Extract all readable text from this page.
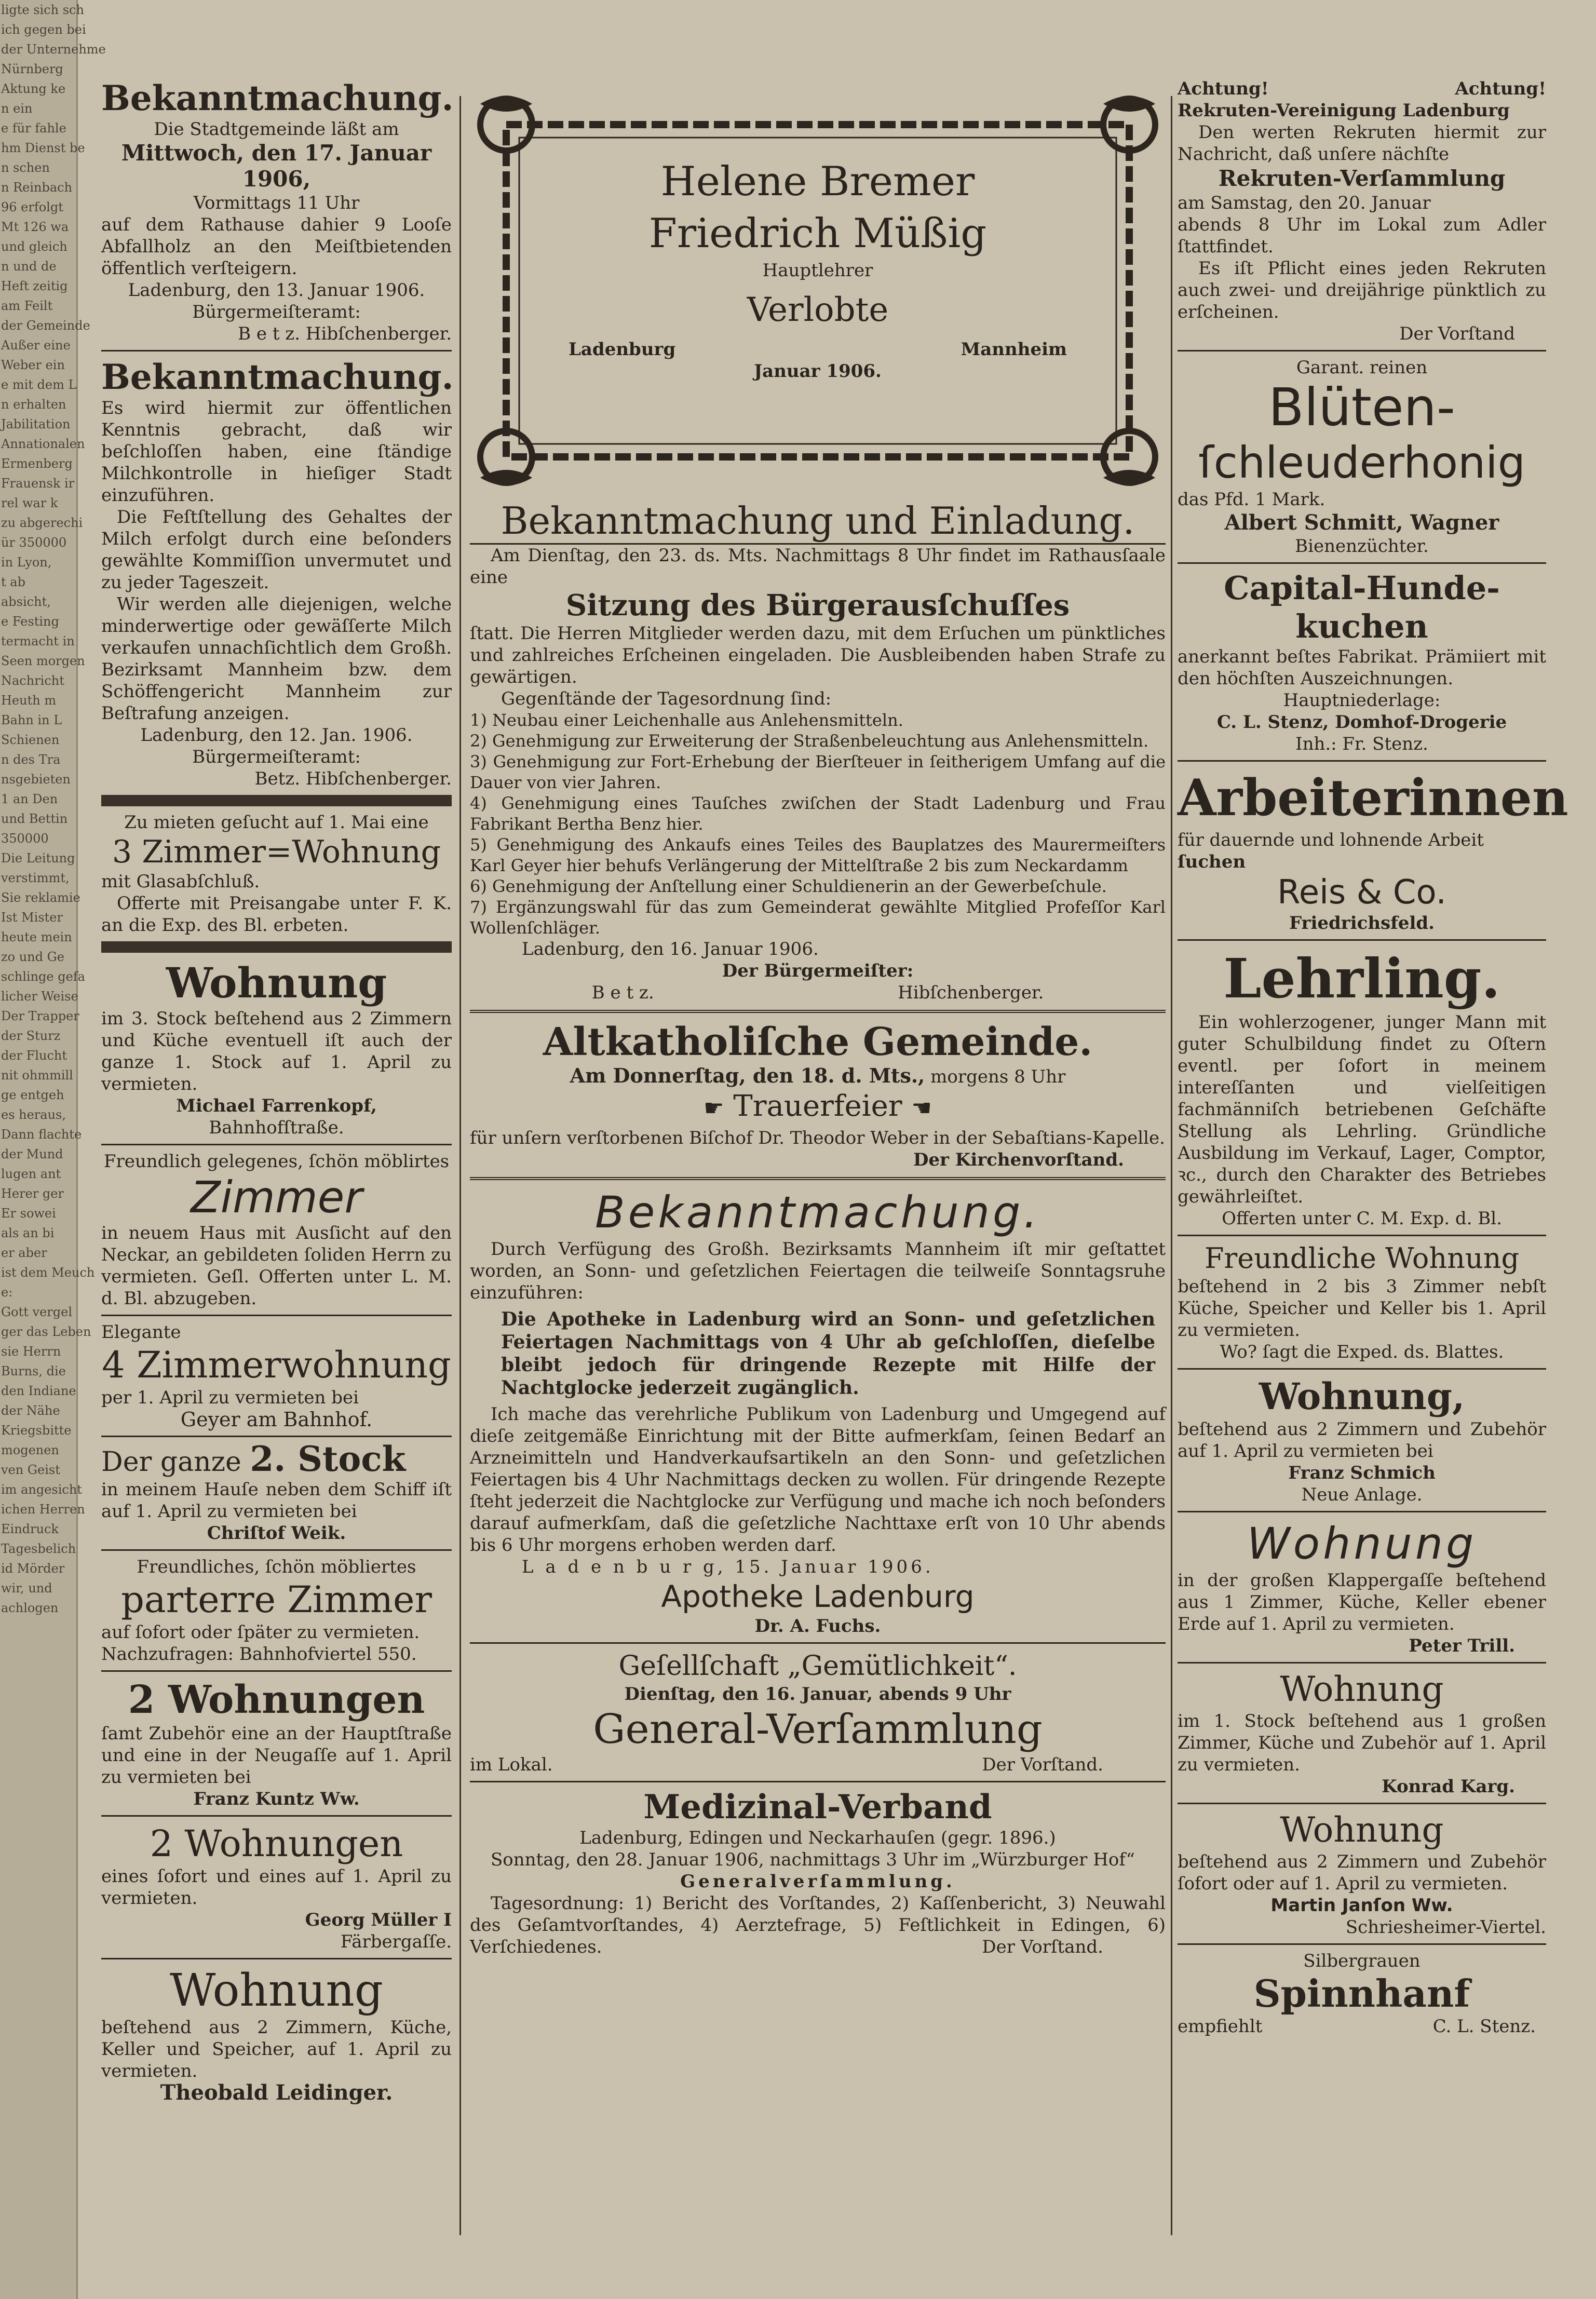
ligte sich sch
ich gegen bei
der Unternehme
Nürnberg
Aktung ke
n ein
e für fahle
hm Dienst be
n schen
n Reinbach
96 erfolgt
Mt 126 wa
und gleich
n und de
Heft zeitig
am Feilt
der Gemeinde
Außer eine
Weber ein
e mit dem L
n erhalten
Jabilitation
Annationalen
Ermenberg
Frauensk ir
rel war k
zu abgerechi
ür 350000
in Lyon,
t ab
absicht,
e Festing
termacht in
Seen morgen
Nachricht
Heuth m
Bahn in L
Schienen
n des Tra
nsgebieten
1 an Den
und Bettin
350000
Die Leitung
verstimmt,
Sie reklamie
Ist Mister
heute mein
zo und Ge
schlinge gefa
licher Weise
Der Trapper
der Sturz
der Flucht
nit ohmmill
ge entgeh
es heraus,
Dann flachte
der Mund
lugen ant
Herer ger
Er sowei
als an bi
er aber
ist dem Meuch
e:
Gott vergel
ger das Leben
sie Herrn
Burns, die
den Indiane
der Nähe
Kriegsbitte
mogenen
ven Geist
im angesicht
ichen Herren
Eindruck
Tagesbelich
id Mörder
wir, und
achlogen
Bekanntmachung.
Die Stadtgemeinde läßt am
Mittwoch, den 17. Januar 1906,
Vormittags 11 Uhr
auf dem Rathause dahier 9 Looſe Abfallholz an den Meiſtbietenden öffentlich verſteigern.
Ladenburg, den 13. Januar 1906.
Bürgermeiſteramt:
B e t z. Hibſchenberger.
Bekanntmachung.
Es wird hiermit zur öffentlichen Kenntnis gebracht, daß wir beſchloſſen haben, eine ſtändige Milchkontrolle in hieſiger Stadt einzuführen.
Die Feſtſtellung des Gehaltes der Milch erfolgt durch eine beſonders gewählte Kommiſſion unvermutet und zu jeder Tageszeit.
Wir werden alle diejenigen, welche minderwertige oder gewäſſerte Milch verkaufen unnachſichtlich dem Großh. Bezirksamt Mannheim bzw. dem Schöffengericht Mannheim zur Beſtrafung anzeigen.
Ladenburg, den 12. Jan. 1906.
Bürgermeiſteramt:
Betz. Hibſchenberger.
Zu mieten geſucht auf 1. Mai eine
3 Zimmer=Wohnung
mit Glasabſchluß.
Offerte mit Preisangabe unter F. K. an die Exp. des Bl. erbeten.
Wohnung
im 3. Stock beſtehend aus 2 Zimmern und Küche eventuell iſt auch der ganze 1. Stock auf 1. April zu vermieten.
Michael Farrenkopf,
Bahnhofſtraße.
Freundlich gelegenes, ſchön möblirtes
Zimmer
in neuem Haus mit Ausſicht auf den Neckar, an gebildeten ſoliden Herrn zu vermieten. Geſl. Offerten unter L. M. d. Bl. abzugeben.
Elegante
4 Zimmerwohnung
per 1. April zu vermieten bei
Geyer am Bahnhof.
Der ganze 2. Stock
in meinem Hauſe neben dem Schiff iſt auf 1. April zu vermieten bei
Chriſtof Weik.
Freundliches, ſchön möbliertes
parterre Zimmer
auf ſofort oder ſpäter zu vermieten.
Nachzufragen: Bahnhofviertel 550.
2 Wohnungen
ſamt Zubehör eine an der Hauptſtraße und eine in der Neugaſſe auf 1. April zu vermieten bei
Franz Kuntz Ww.
2 Wohnungen
eines ſofort und eines auf 1. April zu vermieten.
Georg Müller I
Färbergaſſe.
Wohnung
beſtehend aus 2 Zimmern, Küche, Keller und Speicher, auf 1. April zu vermieten.
Theobald Leidinger.
Helene Bremer
Friedrich Müßig
Hauptlehrer
Verlobte
Ladenburg	Mannheim
Januar 1906.
Bekanntmachung und Einladung.
Am Dienſtag, den 23. ds. Mts. Nachmittags 8 Uhr findet im Rathausſaale eine
Sitzung des Bürgerausſchuſſes
ſtatt. Die Herren Mitglieder werden dazu, mit dem Erſuchen um pünktliches und zahlreiches Erſcheinen eingeladen. Die Ausbleibenden haben Strafe zu gewärtigen.
Gegenſtände der Tagesordnung ſind:
1) Neubau einer Leichenhalle aus Anlehensmitteln.
2) Genehmigung zur Erweiterung der Straßenbeleuchtung aus Anlehensmitteln.
3) Genehmigung zur Fort-Erhebung der Bierſteuer in ſeitherigem Umfang auf die Dauer von vier Jahren.
4) Genehmigung eines Tauſches zwiſchen der Stadt Ladenburg und Frau Fabrikant Bertha Benz hier.
5) Genehmigung des Ankaufs eines Teiles des Bauplatzes des Maurermeiſters Karl Geyer hier behufs Verlängerung der Mittelſtraße 2 bis zum Neckardamm
6) Genehmigung der Anſtellung einer Schuldienerin an der Gewerbeſchule.
7) Ergänzungswahl für das zum Gemeinderat gewählte Mitglied Profeſſor Karl Wollenſchläger.
Ladenburg, den 16. Januar 1906.
Der Bürgermeiſter:
B e t z.	Hibſchenberger.
Altkatholiſche Gemeinde.
Am Donnerſtag, den 18. d. Mts., morgens 8 Uhr
☛ Trauerfeier ☚
für unſern verſtorbenen Biſchof Dr. Theodor Weber in der Sebaſtians-Kapelle.
Der Kirchenvorſtand.
Bekanntmachung.
Durch Verfügung des Großh. Bezirksamts Mannheim iſt mir geſtattet worden, an Sonn- und geſetzlichen Feiertagen die teilweiſe Sonntagsruhe einzuführen:
Die Apotheke in Ladenburg wird an Sonn- und geſetzlichen Feiertagen Nachmittags von 4 Uhr ab geſchloſſen, dieſelbe bleibt jedoch für dringende Rezepte mit Hilfe der Nachtglocke jederzeit zugänglich.
Ich mache das verehrliche Publikum von Ladenburg und Umgegend auf dieſe zeitgemäße Einrichtung mit der Bitte aufmerkſam, ſeinen Bedarf an Arzneimitteln und Handverkaufsartikeln an den Sonn- und geſetzlichen Feiertagen bis 4 Uhr Nachmittags decken zu wollen. Für dringende Rezepte ſteht jederzeit die Nachtglocke zur Verfügung und mache ich noch beſonders darauf aufmerkſam, daß die geſetzliche Nachttaxe erſt von 10 Uhr abends bis 6 Uhr morgens erhoben werden darf.
L a d e n b u r g, 15. Januar 1906.
Apotheke Ladenburg
Dr. A. Fuchs.
Geſellſchaft „Gemütlichkeit“.
Dienſtag, den 16. Januar, abends 9 Uhr
General-Verſammlung
im Lokal.	Der Vorſtand.
Medizinal-Verband
Ladenburg, Edingen und Neckarhauſen (gegr. 1896.)
Sonntag, den 28. Januar 1906, nachmittags 3 Uhr im „Würzburger Hof“
Generalverſammlung.
Tagesordnung: 1) Bericht des Vorſtandes, 2) Kaſſenbericht, 3) Neuwahl des Geſamtvorſtandes, 4) Aerztefrage, 5) Feſtlichkeit in Edingen, 6) Verſchiedenes.	Der Vorſtand.
Achtung!	Achtung!
Rekruten-Vereinigung Ladenburg
Den werten Rekruten hiermit zur Nachricht, daß unſere nächſte
Rekruten-Verſammlung
am Samstag, den 20. Januar
abends 8 Uhr im Lokal zum Adler ſtattfindet.
Es iſt Pflicht eines jeden Rekruten auch zwei- und dreijährige pünktlich zu erſcheinen.
Der Vorſtand
Garant. reinen
Blüten-
ſchleuderhonig
das Pfd. 1 Mark.
Albert Schmitt, Wagner
Bienenzüchter.
Capital-Hunde-
kuchen
anerkannt beſtes Fabrikat. Prämiiert mit den höchſten Auszeichnungen.
Hauptniederlage:
C. L. Stenz, Domhof-Drogerie
Inh.: Fr. Stenz.
Arbeiterinnen
für dauernde und lohnende Arbeit
ſuchen
Reis & Co.
Friedrichsfeld.
Lehrling.
Ein wohlerzogener, junger Mann mit guter Schulbildung findet zu Oſtern eventl. per ſofort in meinem intereſſanten und vielſeitigen fachmänniſch betriebenen Geſchäfte Stellung als Lehrling. Gründliche Ausbildung im Verkauf, Lager, Comptor, ꝛc., durch den Charakter des Betriebes gewährleiſtet.
Offerten unter C. M. Exp. d. Bl.
Freundliche Wohnung
beſtehend in 2 bis 3 Zimmer nebſt Küche, Speicher und Keller bis 1. April zu vermieten.
Wo? ſagt die Exped. ds. Blattes.
Wohnung,
beſtehend aus 2 Zimmern und Zubehör auf 1. April zu vermieten bei
Franz Schmich
Neue Anlage.
Wohnung
in der großen Klappergaſſe beſtehend aus 1 Zimmer, Küche, Keller ebener Erde auf 1. April zu vermieten.
Peter Trill.
Wohnung
im 1. Stock beſtehend aus 1 großen Zimmer, Küche und Zubehör auf 1. April zu vermieten.
Konrad Karg.
Wohnung
beſtehend aus 2 Zimmern und Zubehör ſofort oder auf 1. April zu vermieten.
Martin Janſon Ww.
Schriesheimer-Viertel.
Silbergrauen
Spinnhanf
empfiehlt	C. L. Stenz.
